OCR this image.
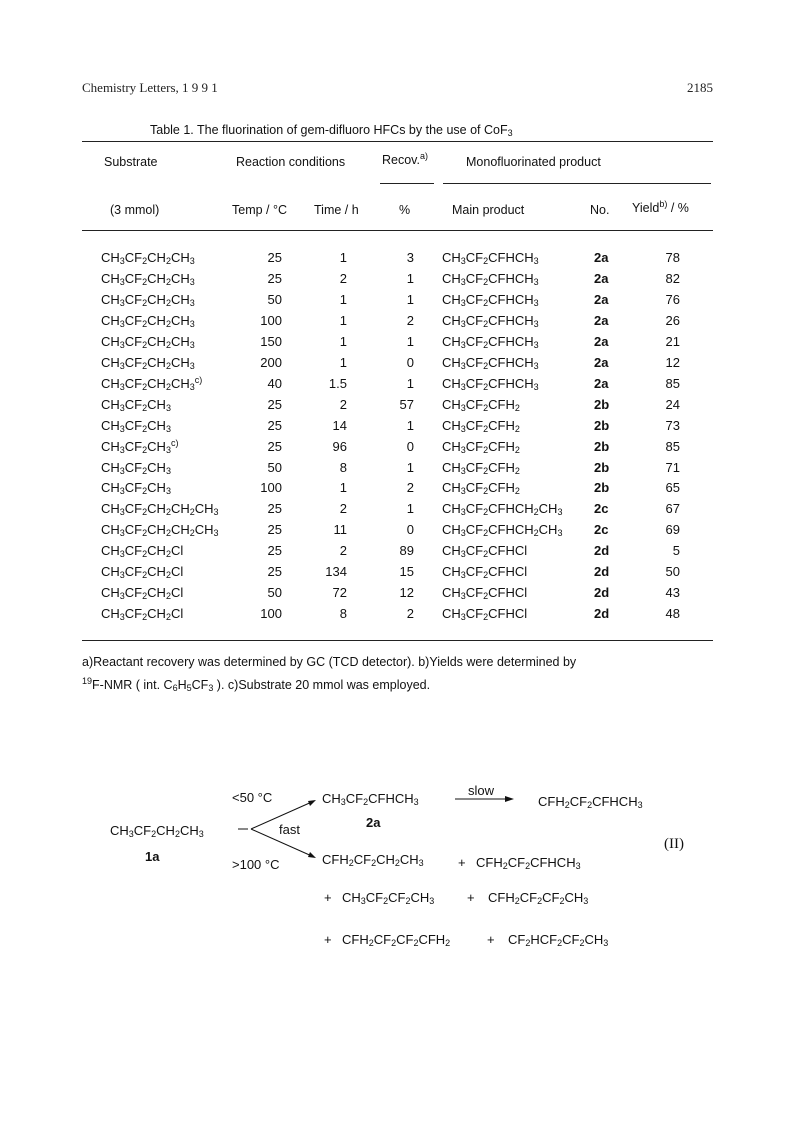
Chemistry Letters, 1 9 9 1	2185
Table 1. The fluorination of gem-difluoro HFCs by the use of CoF$_3$
Substrate	Reaction conditions	Recov.$^{a)}$	Monofluorinated product
(3 mmol)	Temp / °C Time / h	%	Main product	No. Yield$^{b)}$ / %
$CH_3CF_2CH_2CH_3$	25	1	3 $CH_3CF_2CFHCH_3$	2a	78
$CH_3CF_2CH_2CH_3$	25	2	1 $CH_3CF_2CFHCH_3$	2a	82
$CH_3CF_2CH_2CH_3$	50	1	1 $CH_3CF_2CFHCH_3$	2a	76
$CH_3CF_2CH_2CH_3$	100	1	2 $CH_3CF_2CFHCH_3$	2a	26
$CH_3CF_2CH_2CH_3$	150	1	1 $CH_3CF_2CFHCH_3$	2a	21
$CH_3CF_2CH_2CH_3$	200	1	0 $CH_3CF_2CFHCH_3$	2a	12
$CH_3CF_2CH_2CH_3^{c)}$	40	1.5	1 $CH_3CF_2CFHCH_3$	2a	85
$CH_3CF_2CH_3$	25	2	57 $CH_3CF_2CFH_2$	2b	24
$CH_3CF_2CH_3$	25	14	1 $CH_3CF_2CFH_2$	2b	73
$CH_3CF_2CH_3^{c)}$	25	96	0 $CH_3CF_2CFH_2$	2b	85
$CH_3CF_2CH_3$	50	8	1 $CH_3CF_2CFH_2$	2b	71
$CH_3CF_2CH_3$	100	1	2 $CH_3CF_2CFH_2$	2b	65
$CH_3CF_2CH_2CH_2CH_3$	25	2	1 $CH_3CF_2CFHCH_2CH_3$	2c	67
$CH_3CF_2CH_2CH_2CH_3$	25	11	0 $CH_3CF_2CFHCH_2CH_3$	2c	69
$CH_3CF_2CH_2Cl$	25	2	89 $CH_3CF_2CFHCl$	2d	5
$CH_3CF_2CH_2Cl$	25	134	15 $CH_3CF_2CFHCl$	2d	50
$CH_3CF_2CH_2Cl$	50	72	12 $CH_3CF_2CFHCl$	2d	43
$CH_3CF_2CH_2Cl$	100	8	2 $CH_3CF_2CFHCl$	2d	48
a)Reactant recovery was determined by GC (TCD detector). b)Yields were determined by
$^{19}$F-NMR ( int. $C_6H_5CF_3$ ). c)Substrate 20 mmol was employed.
$CH_3CF_2CH_2CH_3$
1a
<50 °C
fast
>100 °C
$CH_3CF_2CFHCH_3$
2a
slow
$CFH_2CF_2CFHCH_3$
(II)
$CFH_2CF_2CH_2CH_3$	+ $CFH_2CF_2CFHCH_3$
+ $CH_3CF_2CF_2CH_3$	+ $CFH_2CF_2CF_2CH_3$
+ $CFH_2CF_2CF_2CFH_2$	+ $CF_2HCF_2CF_2CH_3$
